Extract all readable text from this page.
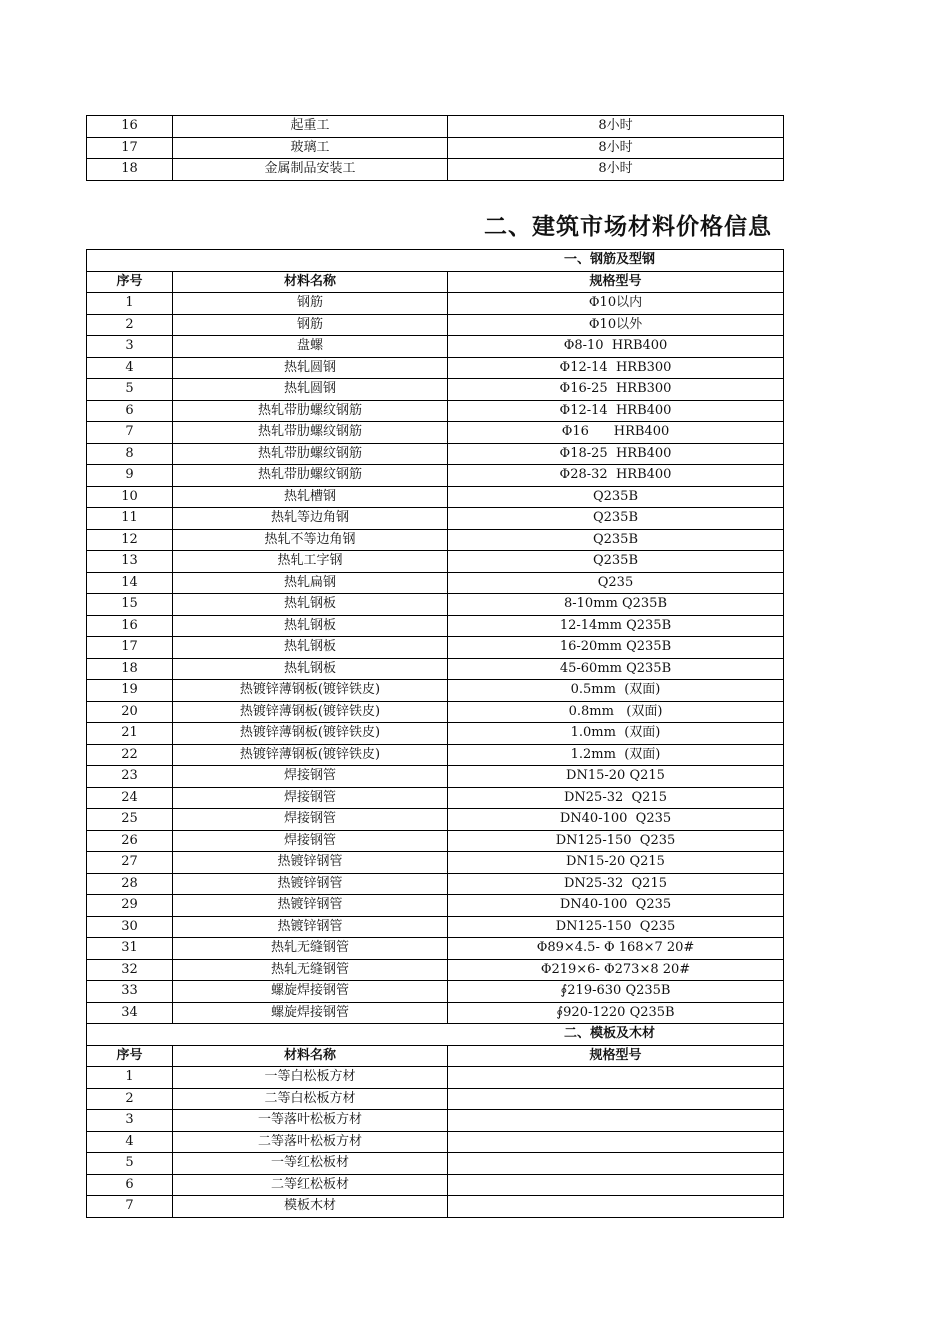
16	起重工	8小时
17	玻璃工	8小时
18	金属制品安装工	8小时
二、建筑市场材料价格信息
一、钢筋及型钢		
序号	材料名称	规格型号
1	钢筋	Φ10以内
2	钢筋	Φ10以外
3	盘螺	Φ8-10  HRB400
4	热轧圆钢	Φ12-14  HRB300
5	热轧圆钢	Φ16-25  HRB300
6	热轧带肋螺纹钢筋	Φ12-14  HRB400
7	热轧带肋螺纹钢筋	Φ16      HRB400
8	热轧带肋螺纹钢筋	Φ18-25  HRB400
9	热轧带肋螺纹钢筋	Φ28-32  HRB400
10	热轧槽钢	Q235B
11	热轧等边角钢	Q235B
12	热轧不等边角钢	Q235B
13	热轧工字钢	Q235B
14	热轧扁钢	Q235
15	热轧钢板	8-10mm Q235B
16	热轧钢板	12-14mm Q235B
17	热轧钢板	16-20mm Q235B
18	热轧钢板	45-60mm Q235B
19	热镀锌薄钢板(镀锌铁皮)	0.5mm  (双面)
20	热镀锌薄钢板(镀锌铁皮)	0.8mm   (双面)
21	热镀锌薄钢板(镀锌铁皮)	1.0mm  (双面)
22	热镀锌薄钢板(镀锌铁皮)	1.2mm  (双面)
23	焊接钢管	DN15-20 Q215
24	焊接钢管	DN25-32  Q215
25	焊接钢管	DN40-100  Q235
26	焊接钢管	DN125-150  Q235
27	热镀锌钢管	DN15-20 Q215
28	热镀锌钢管	DN25-32  Q215
29	热镀锌钢管	DN40-100  Q235
30	热镀锌钢管	DN125-150  Q235
31	热轧无缝钢管	Φ89×4.5- Φ 168×7 20#
32	热轧无缝钢管	Φ219×6- Φ273×8 20#
33	螺旋焊接钢管	∮219-630 Q235B
34	螺旋焊接钢管	∮920-1220 Q235B
二、模板及木材		
序号	材料名称	规格型号
1	一等白松板方材	
2	二等白松板方材	
3	一等落叶松板方材	
4	二等落叶松板方材	
5	一等红松板材	
6	二等红松板材	
7	模板木材	
